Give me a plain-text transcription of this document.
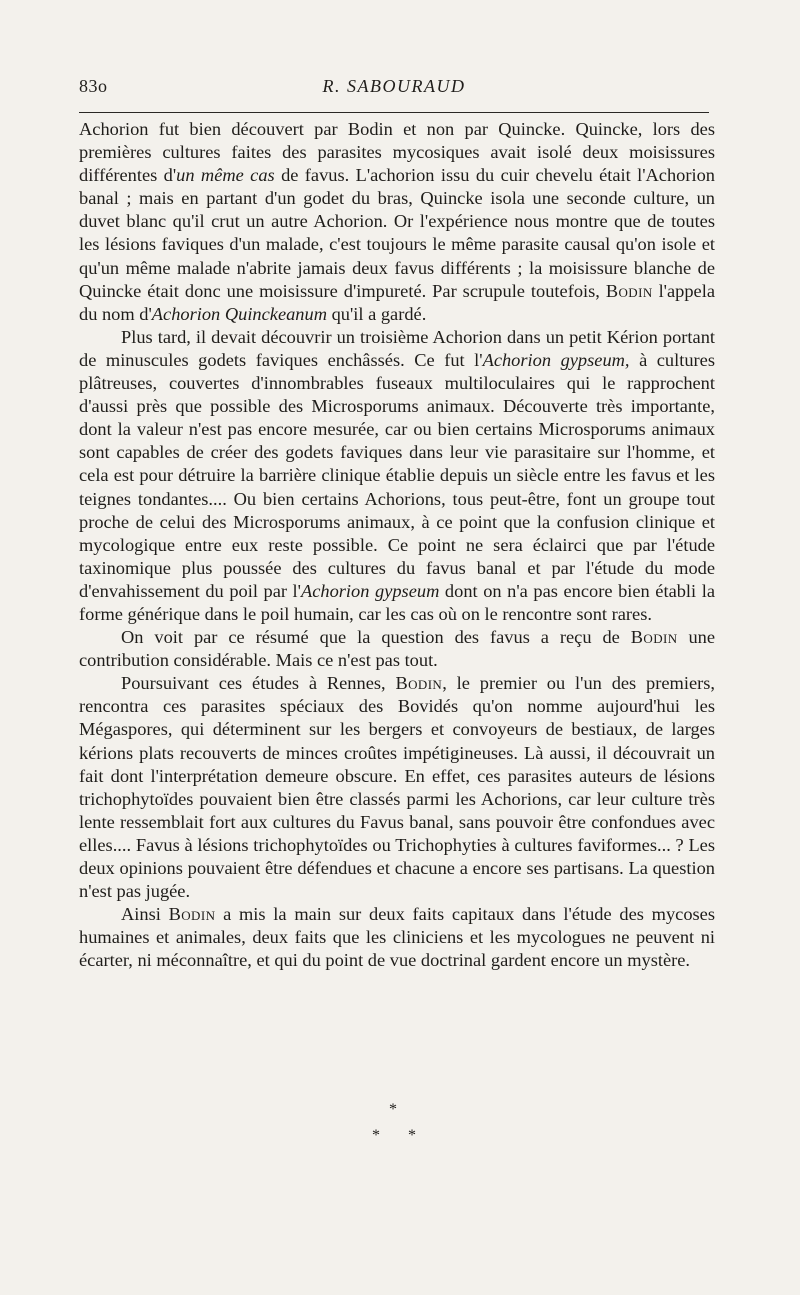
83o	R. SABOURAUD

Achorion fut bien découvert par Bodin et non par Quincke. Quincke, lors des premières cultures faites des parasites mycosiques avait isolé deux moisissures différentes d'un même cas de favus. L'achorion issu du cuir chevelu était l'Achorion banal ; mais en partant d'un godet du bras, Quincke isola une seconde culture, un duvet blanc qu'il crut un autre Achorion. Or l'expérience nous montre que de toutes les lésions faviques d'un malade, c'est toujours le même parasite causal qu'on isole et qu'un même malade n'abrite jamais deux favus différents ; la moisissure blanche de Quincke était donc une moisissure d'impureté. Par scrupule toutefois, Bodin l'appela du nom d'Achorion Quinckeanum qu'il a gardé.

Plus tard, il devait découvrir un troisième Achorion dans un petit Kérion portant de minuscules godets faviques enchâssés. Ce fut l'Achorion gypseum, à cultures plâtreuses, couvertes d'innombrables fuseaux multiloculaires qui le rapprochent d'aussi près que possible des Microsporums animaux. Découverte très importante, dont la valeur n'est pas encore mesurée, car ou bien certains Microsporums animaux sont capables de créer des godets faviques dans leur vie parasitaire sur l'homme, et cela est pour détruire la barrière clinique établie depuis un siècle entre les favus et les teignes tondantes.... Ou bien certains Achorions, tous peut-être, font un groupe tout proche de celui des Microsporums animaux, à ce point que la confusion clinique et mycologique entre eux reste possible. Ce point ne sera éclairci que par l'étude taxinomique plus poussée des cultures du favus banal et par l'étude du mode d'envahissement du poil par l'Achorion gypseum dont on n'a pas encore bien établi la forme générique dans le poil humain, car les cas où on le rencontre sont rares.

On voit par ce résumé que la question des favus a reçu de Bodin une contribution considérable. Mais ce n'est pas tout.

Poursuivant ces études à Rennes, Bodin, le premier ou l'un des premiers, rencontra ces parasites spéciaux des Bovidés qu'on nomme aujourd'hui les Mégaspores, qui déterminent sur les bergers et convoyeurs de bestiaux, de larges kérions plats recouverts de minces croûtes impétigineuses. Là aussi, il découvrait un fait dont l'interprétation demeure obscure. En effet, ces parasites auteurs de lésions trichophytoïdes pouvaient bien être classés parmi les Achorions, car leur culture très lente ressemblait fort aux cultures du Favus banal, sans pouvoir être confondues avec elles.... Favus à lésions trichophytoïdes ou Trichophyties à cultures faviformes... ? Les deux opinions pouvaient être défendues et chacune a encore ses partisans. La question n'est pas jugée.

Ainsi Bodin a mis la main sur deux faits capitaux dans l'étude des mycoses humaines et animales, deux faits que les cliniciens et les mycologues ne peuvent ni écarter, ni méconnaître, et qui du point de vue doctrinal gardent encore un mystère.

*
* *
